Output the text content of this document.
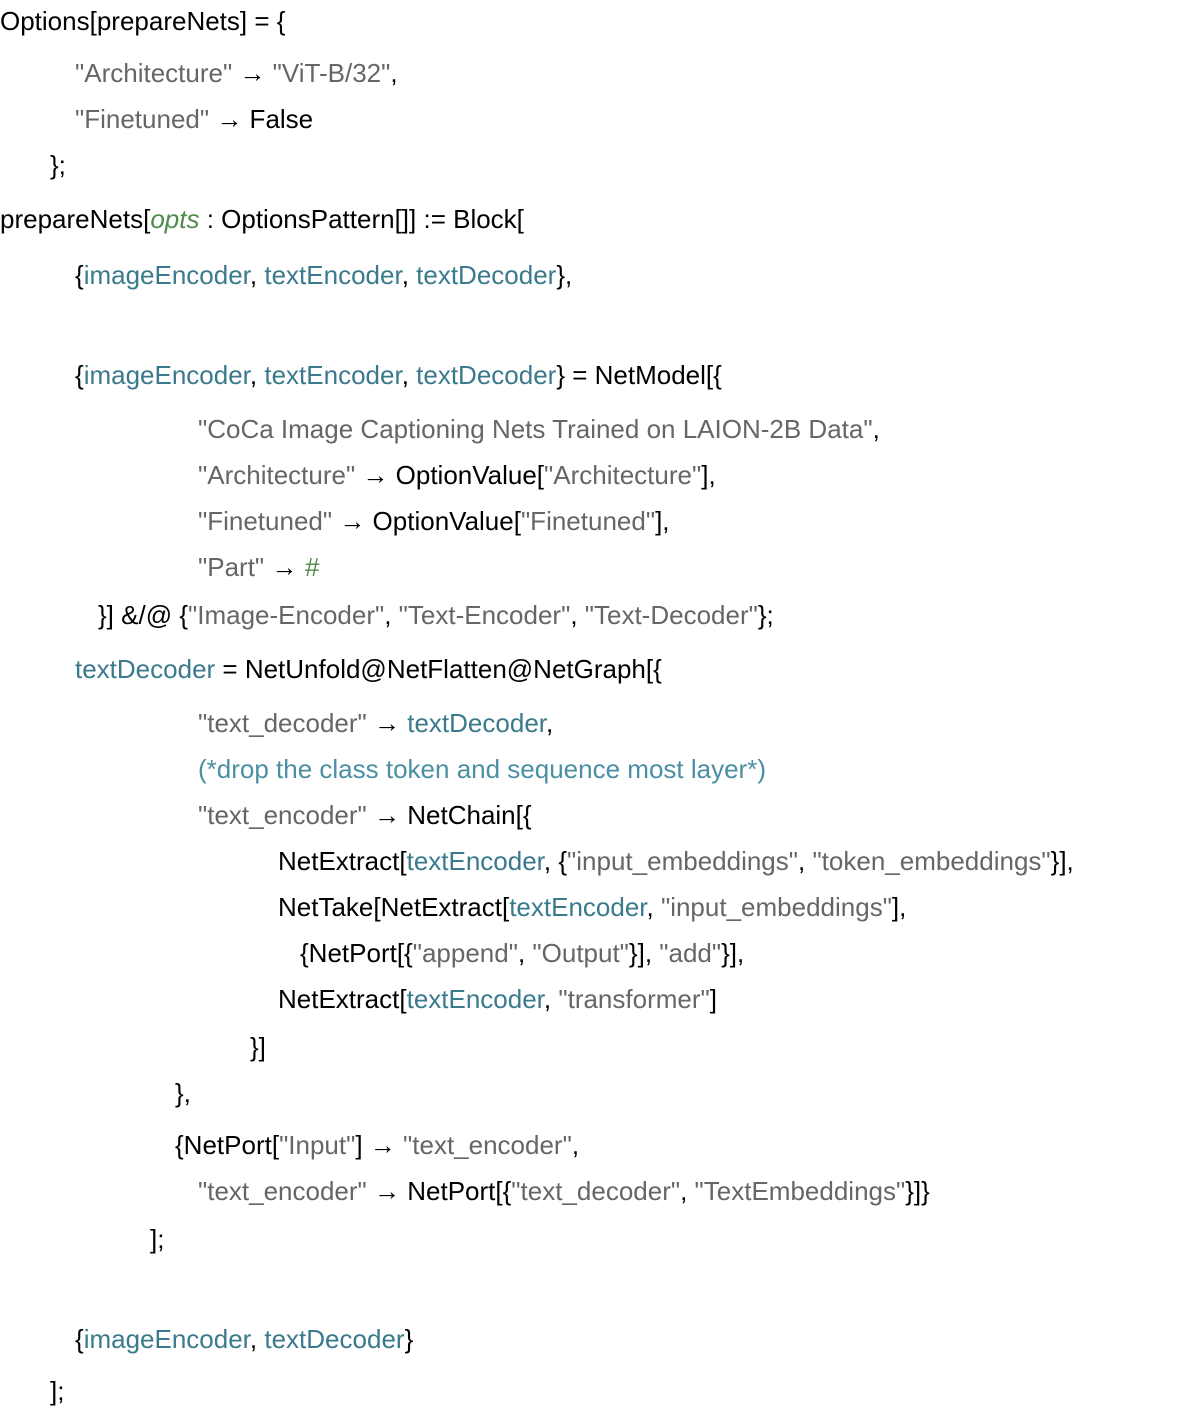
Options[prepareNets] = {
"Architecture" → "ViT-B/32",
"Finetuned" → False
};
prepareNets[opts : OptionsPattern[]] := Block[
{imageEncoder, textEncoder, textDecoder},
{imageEncoder, textEncoder, textDecoder} = NetModel[{
"CoCa Image Captioning Nets Trained on LAION-2B Data",
"Architecture" → OptionValue["Architecture"],
"Finetuned" → OptionValue["Finetuned"],
"Part" → #
}] &/@ {"Image-Encoder", "Text-Encoder", "Text-Decoder"};
textDecoder = NetUnfold@NetFlatten@NetGraph[{
"text_decoder" → textDecoder,
(*drop the class token and sequence most layer*)
"text_encoder" → NetChain[{
NetExtract[textEncoder, {"input_embeddings", "token_embeddings"}],
NetTake[NetExtract[textEncoder, "input_embeddings"],
{NetPort[{"append", "Output"}], "add"}],
NetExtract[textEncoder, "transformer"]
}]
},
{NetPort["Input"] → "text_encoder",
"text_encoder" → NetPort[{"text_decoder", "TextEmbeddings"}]}
];
{imageEncoder, textDecoder}
];
